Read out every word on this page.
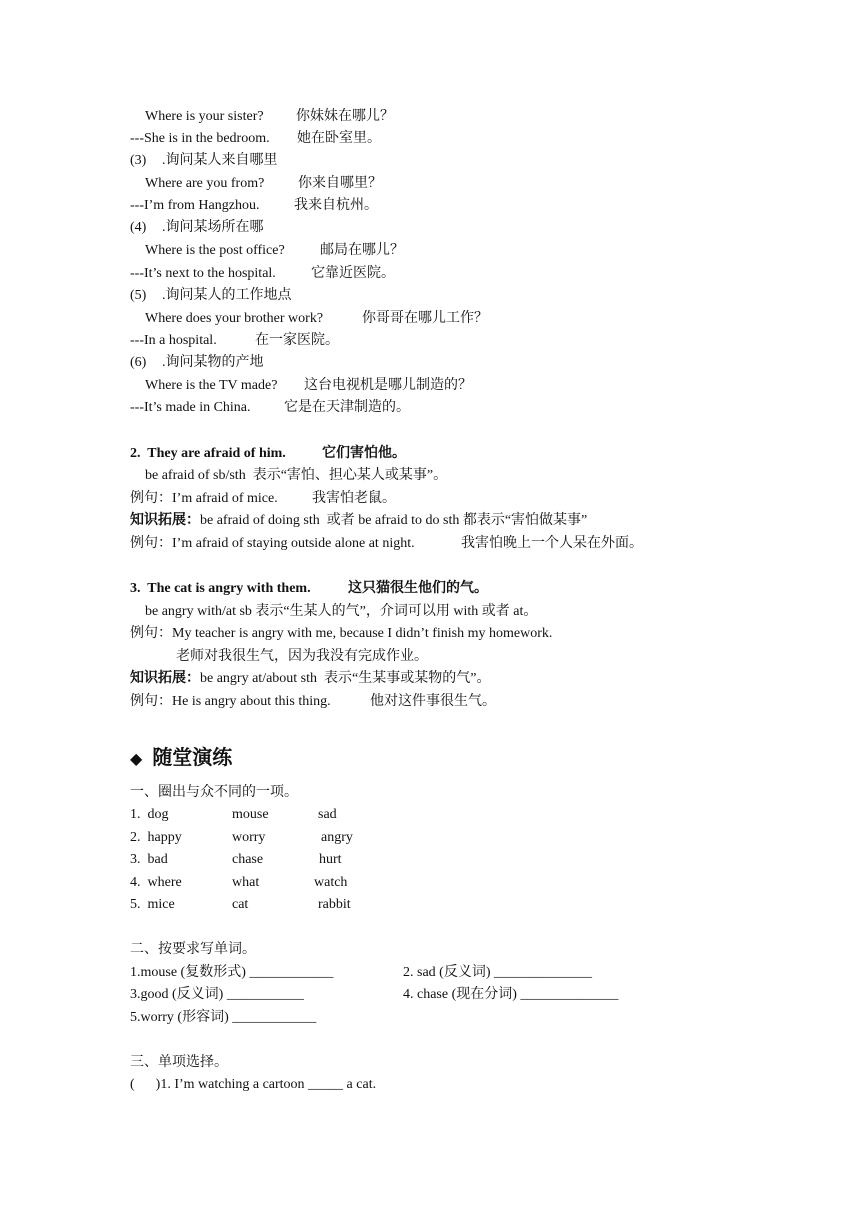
Where is your sister? 你妹妹在哪儿？
---She is in the bedroom. 她在卧室里。
(3) .询问某人来自哪里
Where are you from? 你来自哪里？
---I’m from Hangzhou. 我来自杭州。
(4) .询问某场所在哪
Where is the post office?	邮局在哪儿？
---It’s next to the hospital.	它靠近医院。
(5) .询问某人的工作地点
Where does your brother work?	你哥哥在哪儿工作？
---In a hospital.	在一家医院。
(6) .询问某物的产地
Where is the TV made? 这台电视机是哪儿制造的？
---It’s made in China. 它是在天津制造的。
2.  They are afraid of him.	它们害怕他。
be afraid of sb/sth  表示“害怕、担心某人或某事”。
例句：I’m afraid of mice. 我害怕老鼠。
知识拓展：be afraid of doing sth  或者 be afraid to do sth 都表示“害怕做某事”
例句：I’m afraid of staying outside alone at night.	我害怕晚上一个人呆在外面。
3.  The cat is angry with them.	这只猫很生他们的气。
be angry with/at sb 表示“生某人的气”，介词可以用 with 或者 at。
例句：My teacher is angry with me, because I didn’t finish my homework.
老师对我很生气，因为我没有完成作业。
知识拓展：be angry at/about sth  表示“生某事或某物的气”。
例句：He is angry about this thing.	他对这件事很生气。
◆ 随堂演练
一、圈出与众不同的一项。
1.  dog	mouse	sad
2.  happy	worry	angry
3.  bad	chase	hurt
4.  where	what	watch
5.  mice	cat	rabbit
二、按要求写单词。
1.mouse (复数形式) ____________	2. sad (反义词) ______________
3.good (反义词) ___________	4. chase (现在分词) ______________
5.worry (形容词) ____________
三、单项选择。
(      )1. I’m watching a cartoon _____ a cat.
